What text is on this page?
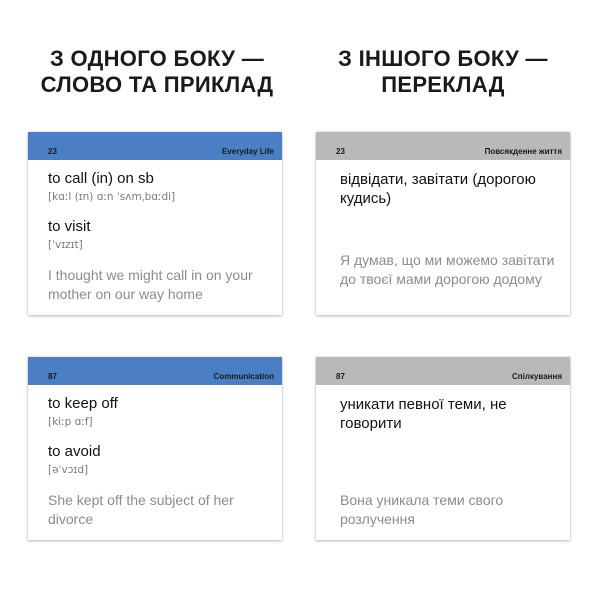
З ОДНОГО БОКУ —
СЛОВО ТА ПРИКЛАД
З ІНШОГО БОКУ —
ПЕРЕКЛАД
23	Everyday Life
to call (in) on sb
[kɑːl (ɪn) ɑːn ˈsʌmˌbɑːdi]
to visit
[ˈvɪzɪt]
I thought we might call in on your mother on our way home
23	Повсякденне життя
відвідати, завітати (дорогою кудись)
Я думав, що ми можемо завітати до твоєї мами дорогою додому
87	Communication
to keep off
[kiːp ɑːf]
to avoid
[əˈvɔɪd]
She kept off the subject of her divorce
87	Спілкування
уникати певної теми, не говорити
Вона уникала теми свого розлучення
